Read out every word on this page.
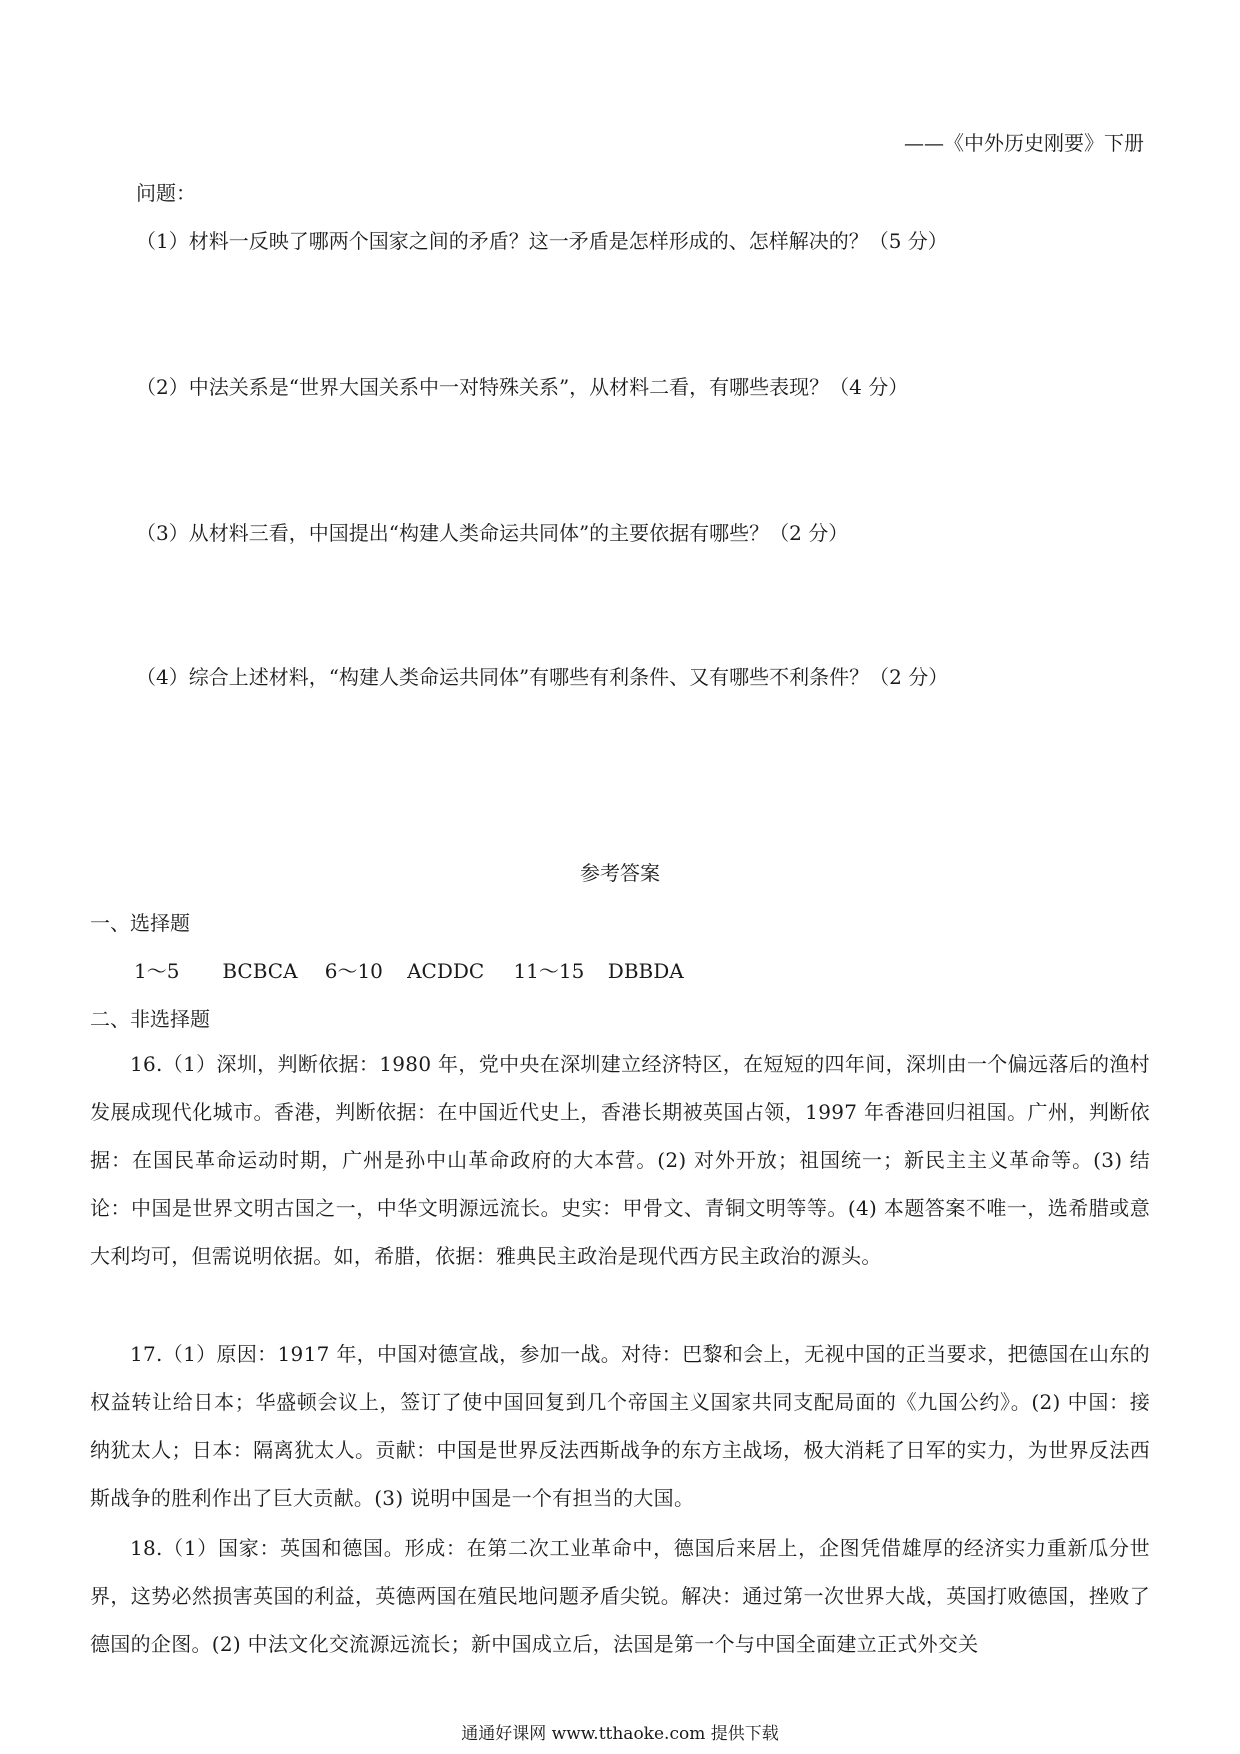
——《中外历史刚要》下册
问题：
（1）材料一反映了哪两个国家之间的矛盾？这一矛盾是怎样形成的、怎样解决的？（5 分）
（2）中法关系是“世界大国关系中一对特殊关系”，从材料二看，有哪些表现？（4 分）
（3）从材料三看，中国提出“构建人类命运共同体”的主要依据有哪些？（2 分）
（4）综合上述材料，“构建人类命运共同体”有哪些有利条件、又有哪些不利条件？（2 分）
参考答案
一、选择题
1～5 BCBCA 6～10 ACDDC 11～15 DBBDA
二、非选择题
16.（1）深圳，判断依据：1980 年，党中央在深圳建立经济特区，在短短的四年间，深圳由一个偏远落后的渔村发展成现代化城市。香港，判断依据：在中国近代史上，香港长期被英国占领，1997 年香港回归祖国。广州，判断依据：在国民革命运动时期，广州是孙中山革命政府的大本营。(2) 对外开放；祖国统一；新民主主义革命等。(3) 结论：中国是世界文明古国之一，中华文明源远流长。史实：甲骨文、青铜文明等等。(4) 本题答案不唯一，选希腊或意大利均可，但需说明依据。如，希腊，依据：雅典民主政治是现代西方民主政治的源头。
17.（1）原因：1917 年，中国对德宣战，参加一战。对待：巴黎和会上，无视中国的正当要求，把德国在山东的权益转让给日本；华盛顿会议上，签订了使中国回复到几个帝国主义国家共同支配局面的《九国公约》。(2) 中国：接纳犹太人；日本：隔离犹太人。贡献：中国是世界反法西斯战争的东方主战场，极大消耗了日军的实力，为世界反法西斯战争的胜利作出了巨大贡献。(3) 说明中国是一个有担当的大国。
18.（1）国家：英国和德国。形成：在第二次工业革命中，德国后来居上，企图凭借雄厚的经济实力重新瓜分世界，这势必然损害英国的利益，英德两国在殖民地问题矛盾尖锐。解决：通过第一次世界大战，英国打败德国，挫败了德国的企图。(2) 中法文化交流源远流长；新中国成立后，法国是第一个与中国全面建立正式外交关
通通好课网 www.tthaoke.com 提供下载
